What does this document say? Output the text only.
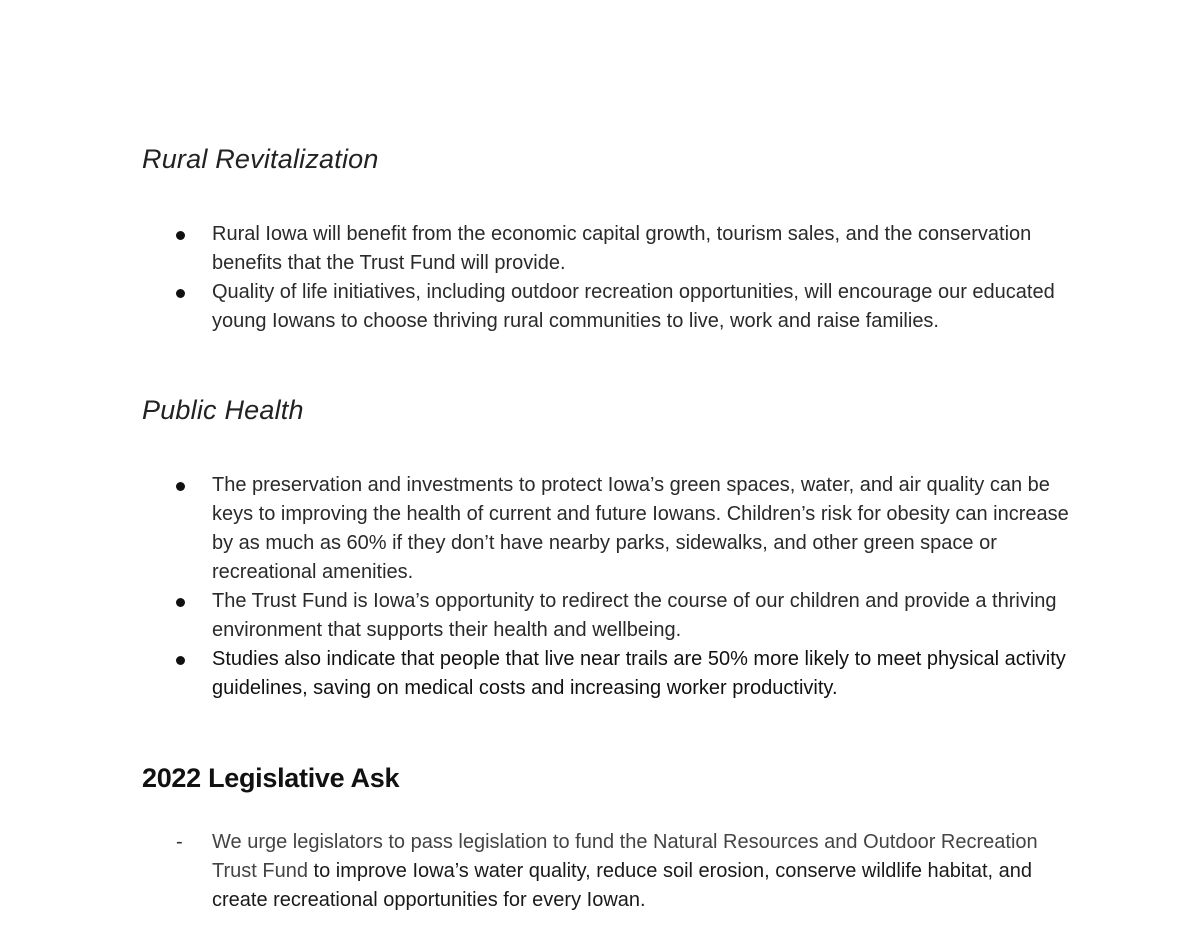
Rural Revitalization
Rural Iowa will benefit from the economic capital growth, tourism sales, and the conservation benefits that the Trust Fund will provide.
Quality of life initiatives, including outdoor recreation opportunities, will encourage our educated young Iowans to choose thriving rural communities to live, work and raise families.
Public Health
The preservation and investments to protect Iowa’s green spaces, water, and air quality can be keys to improving the health of current and future Iowans. Children’s risk for obesity can increase by as much as 60% if they don’t have nearby parks, sidewalks, and other green space or recreational amenities.
The Trust Fund is Iowa’s opportunity to redirect the course of our children and provide a thriving environment that supports their health and wellbeing.
Studies also indicate that people that live near trails are 50% more likely to meet physical activity guidelines, saving on medical costs and increasing worker productivity.
2022 Legislative Ask
- We urge legislators to pass legislation to fund the Natural Resources and Outdoor Recreation Trust Fund to improve Iowa’s water quality, reduce soil erosion, conserve wildlife habitat, and create recreational opportunities for every Iowan.
